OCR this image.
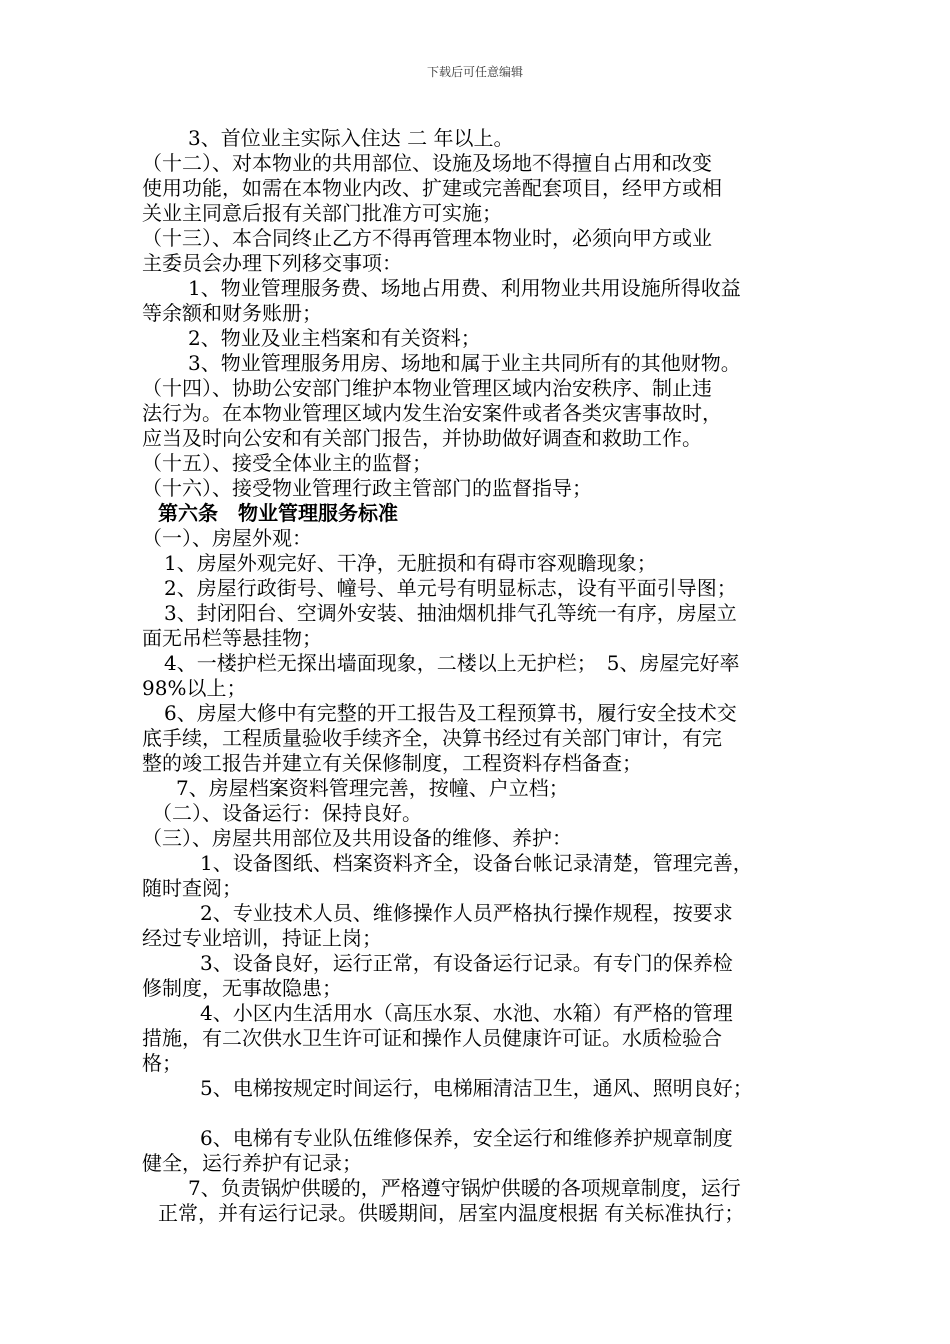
下载后可任意编辑
3、首位业主实际入住达 二 年以上。
（十二）、对本物业的共用部位、设施及场地不得擅自占用和改变
使用功能，如需在本物业内改、扩建或完善配套项目，经甲方或相
关业主同意后报有关部门批准方可实施；
（十三）、本合同终止乙方不得再管理本物业时，必须向甲方或业
主委员会办理下列移交事项：
1、物业管理服务费、场地占用费、利用物业共用设施所得收益
等余额和财务账册；
2、物业及业主档案和有关资料；
3、物业管理服务用房、场地和属于业主共同所有的其他财物。
（十四）、协助公安部门维护本物业管理区域内治安秩序、制止违
法行为。在本物业管理区域内发生治安案件或者各类灾害事故时，
应当及时向公安和有关部门报告，并协助做好调查和救助工作。
（十五）、接受全体业主的监督；
（十六）、接受物业管理行政主管部门的监督指导；
第六条　物业管理服务标准
（一）、房屋外观：
1、房屋外观完好、干净，无脏损和有碍市容观瞻现象；
2、房屋行政街号、幢号、单元号有明显标志，设有平面引导图；
3、封闭阳台、空调外安装、抽油烟机排气孔等统一有序，房屋立
面无吊栏等悬挂物；
4、一楼护栏无探出墙面现象，二楼以上无护栏；　5、房屋完好率
98%以上；
6、房屋大修中有完整的开工报告及工程预算书，履行安全技术交
底手续，工程质量验收手续齐全，决算书经过有关部门审计，有完
整的竣工报告并建立有关保修制度，工程资料存档备查；
7、房屋档案资料管理完善，按幢、户立档；
（二）、设备运行：保持良好。
（三）、房屋共用部位及共用设备的维修、养护：
1、设备图纸、档案资料齐全，设备台帐记录清楚，管理完善，
随时查阅；
2、专业技术人员、维修操作人员严格执行操作规程，按要求
经过专业培训，持证上岗；
3、设备良好，运行正常，有设备运行记录。有专门的保养检
修制度，无事故隐患；
4、小区内生活用水（高压水泵、水池、水箱）有严格的管理
措施，有二次供水卫生许可证和操作人员健康许可证。水质检验合
格；
5、电梯按规定时间运行，电梯厢清洁卫生，通风、照明良好；
6、电梯有专业队伍维修保养，安全运行和维修养护规章制度
健全，运行养护有记录；
7、负责锅炉供暖的，严格遵守锅炉供暖的各项规章制度，运行
正常，并有运行记录。供暖期间，居室内温度根据 有关标准执行；
